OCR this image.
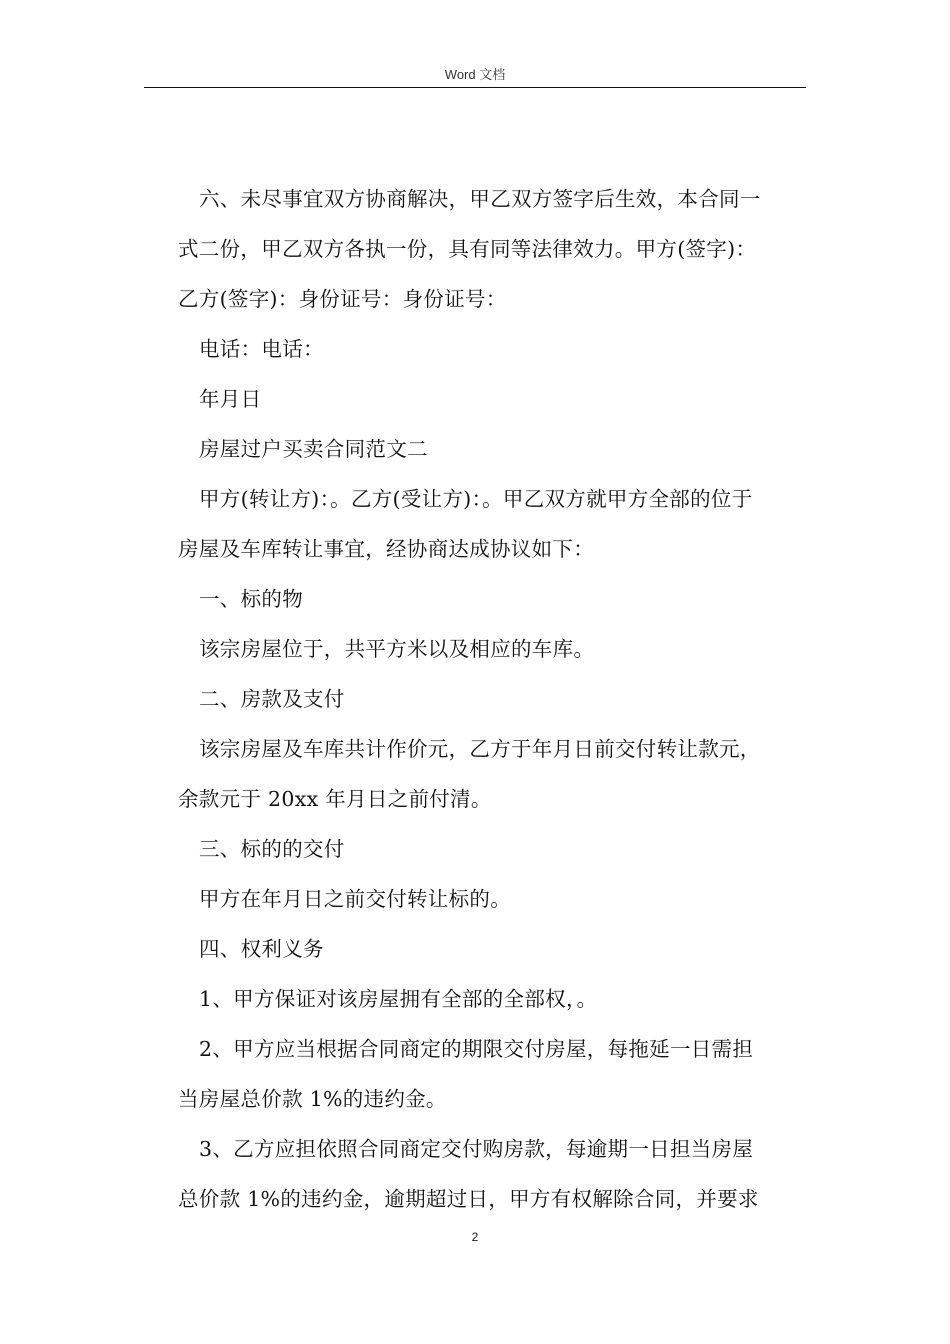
Word 文档

六、未尽事宜双方协商解决，甲乙双方签字后生效，本合同一

式二份，甲乙双方各执一份，具有同等法律效力。甲方(签字)：

乙方(签字)：身份证号：身份证号：

电话：电话：

年月日

房屋过户买卖合同范文二

甲方(转让方)：。乙方(受让方)：。甲乙双方就甲方全部的位于

房屋及车库转让事宜，经协商达成协议如下：

一、标的物

该宗房屋位于，共平方米以及相应的车库。

二、房款及支付

该宗房屋及车库共计作价元，乙方于年月日前交付转让款元，

余款元于 20xx 年月日之前付清。

三、标的的交付

甲方在年月日之前交付转让标的。

四、权利义务

1、甲方保证对该房屋拥有全部的全部权，。

2、甲方应当根据合同商定的期限交付房屋，每拖延一日需担

当房屋总价款 1%的违约金。

3、乙方应担依照合同商定交付购房款，每逾期一日担当房屋

总价款 1%的违约金，逾期超过日，甲方有权解除合同，并要求

2
